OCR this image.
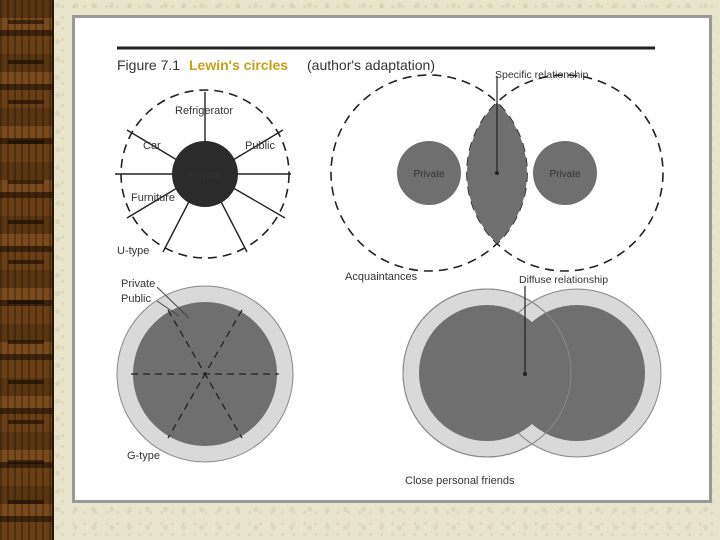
Figure 7.1 Lewin's circles (author's adaptation)
Private
Refrigerator
Car	Public
Furniture
U-type
Specific relationship
Private	Private
Acquaintances
Private
Public
G-type
Diffuse relationship
Close personal friends
